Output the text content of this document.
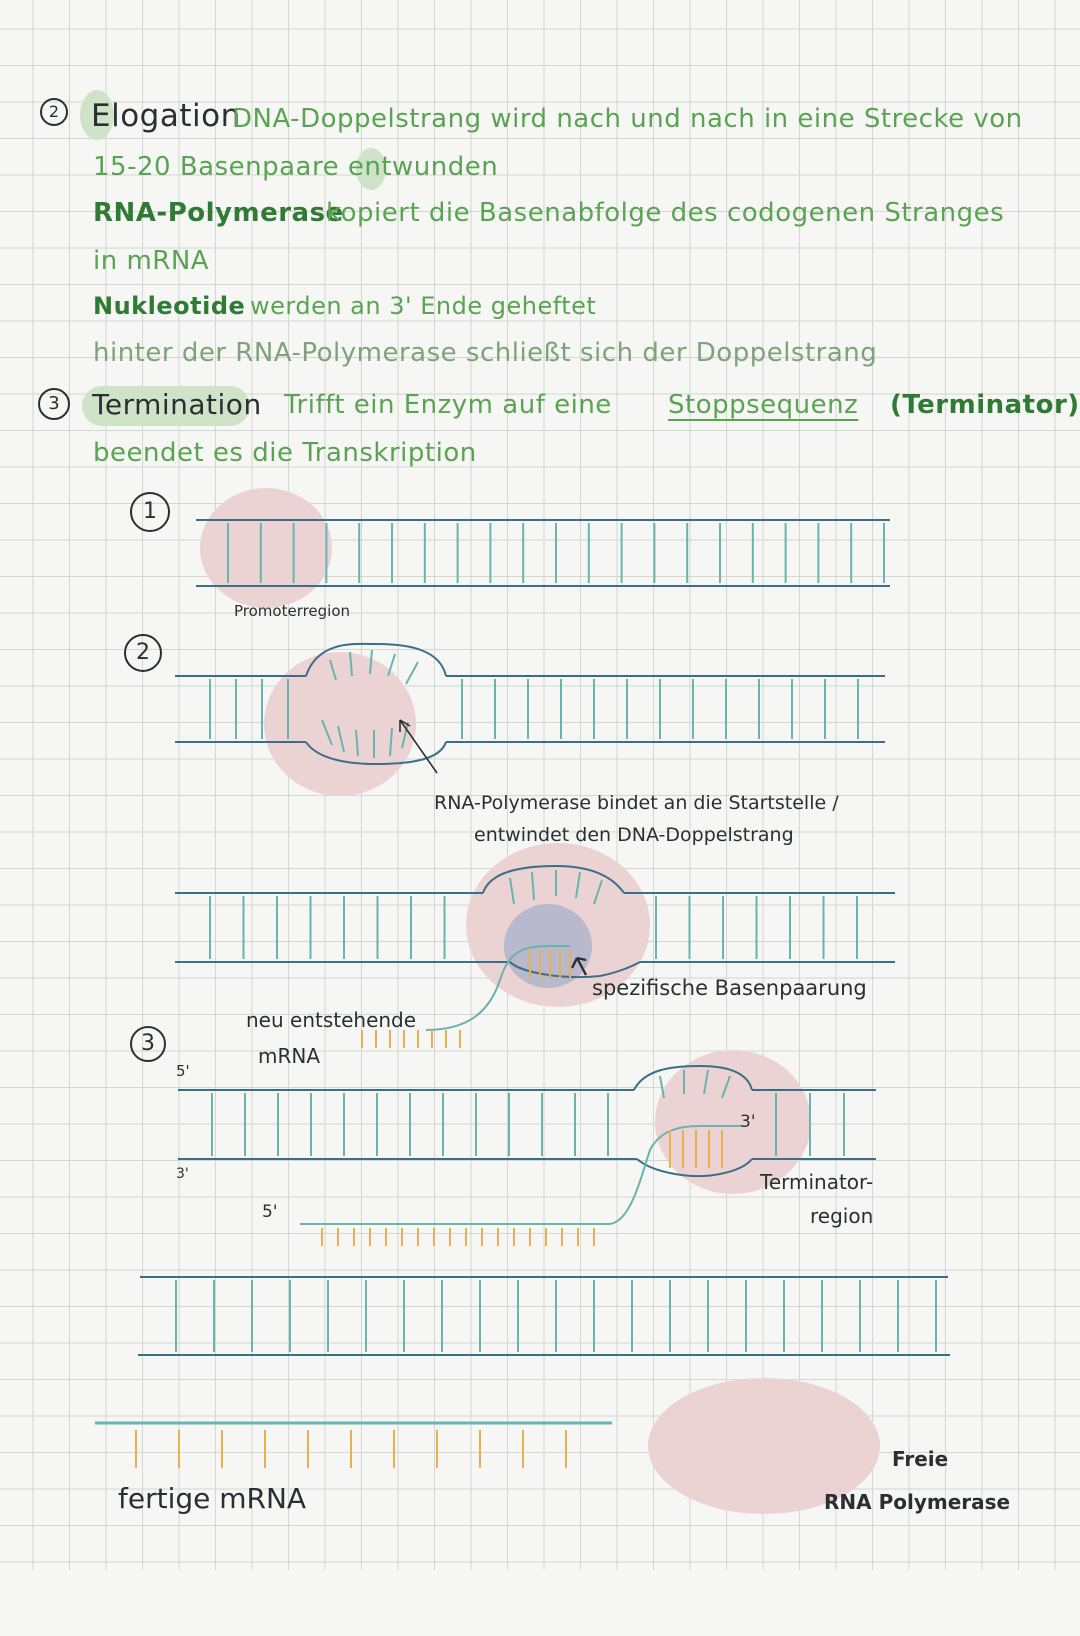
2 Elogation
DNA-Doppelstrang wird nach und nach in eine Strecke von
15-20 Basenpaare entwunden
RNA-Polymerase
kopiert die Basenabfolge des codogenen Stranges
in mRNA
Nukleotide werden an 3' Ende geheftet
hinter der RNA-Polymerase schließt sich der Doppelstrang
3	Termination Trifft ein Enzym auf eine Stoppsequenz (Terminator)
beendet es die Transkription
1
2
3
Promoterregion
RNA-Polymerase bindet an die Startstelle /
entwindet den DNA-Doppelstrang
spezifische Basenpaarung
neu entstehende
mRNA
5'
3'
5'
3'
Terminator-
region
fertige mRNA
Freie
RNA Polymerase
